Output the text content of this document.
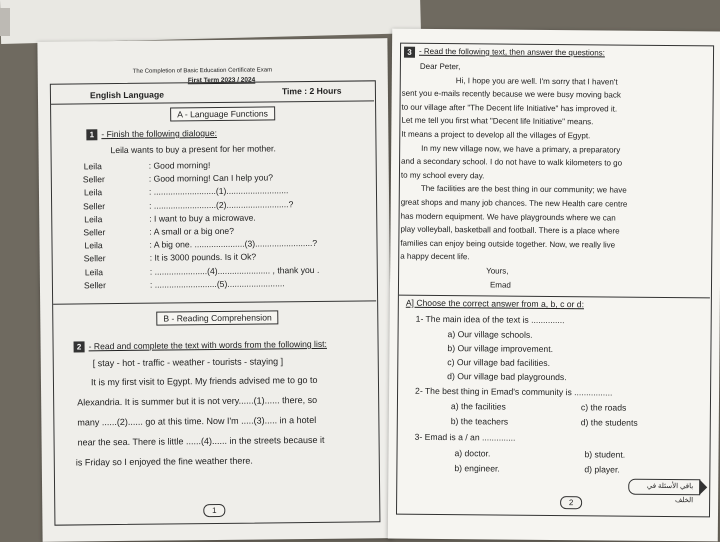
The Completion of Basic Education Certificate Exam
First Term 2023 / 2024
English Language	Time : 2 Hours
A - Language Functions
1 - Finish the following dialogue:
Leila wants to buy a present for her mother.
Leila	: Good morning!
Seller	: Good morning! Can I help you?
Leila	: ..........................(1)..........................
Seller	: ..........................(2)..........................?
Leila	: I want to buy a microwave.
Seller	: A small or a big one?
Leila	: A big one. .....................(3)........................?
Seller	: It is 3000 pounds. Is it Ok?
Leila	: ......................(4)...................... , thank you .
Seller	: ..........................(5)........................
B - Reading Comprehension
2 - Read and complete the text with words from the following list:
[ stay - hot - traffic - weather - tourists - staying ]
It is my first visit to Egypt. My friends advised me to go to
Alexandria. It is summer but it is not very......(1)...... there, so
many ......(2)...... go at this time. Now I'm .....(3)..... in a hotel
near the sea. There is little ......(4)...... in the streets because it
is Friday so I enjoyed the fine weather there.
1
3 - Read the following text, then answer the questions:
Dear Peter,
Hi, I hope you are well. I'm sorry that I haven't
sent you e-mails recently because we were busy moving back
to our village after "The Decent life Initiative" has improved it.
Let me tell you first what "Decent life Initiative" means.
It means a project to develop all the villages of Egypt.
In my new village now, we have a primary, a preparatory
and a secondary school. I do not have to walk kilometers to go
to my school every day.
The facilities are the best thing in our community; we have
great shops and many job chances. The new Health care centre
has modern equipment. We have playgrounds where we can
play volleyball, basketball and football. There is a place where
families can enjoy being outside together. Now, we really live
a happy decent life.
Yours,
Emad
A] Choose the correct answer from a, b, c or d:
1- The main idea of the text is ..............
a) Our village schools.
b) Our village improvement.
c) Our village bad facilities.
d) Our village bad playgrounds.
2- The best thing in Emad's community is ................
a) the facilities	c) the roads
b) the teachers	d) the students
3- Emad is a / an ..............
a) doctor.	b) student.
b) engineer.	d) player.
باقي الأسئلة في الخلف
2
